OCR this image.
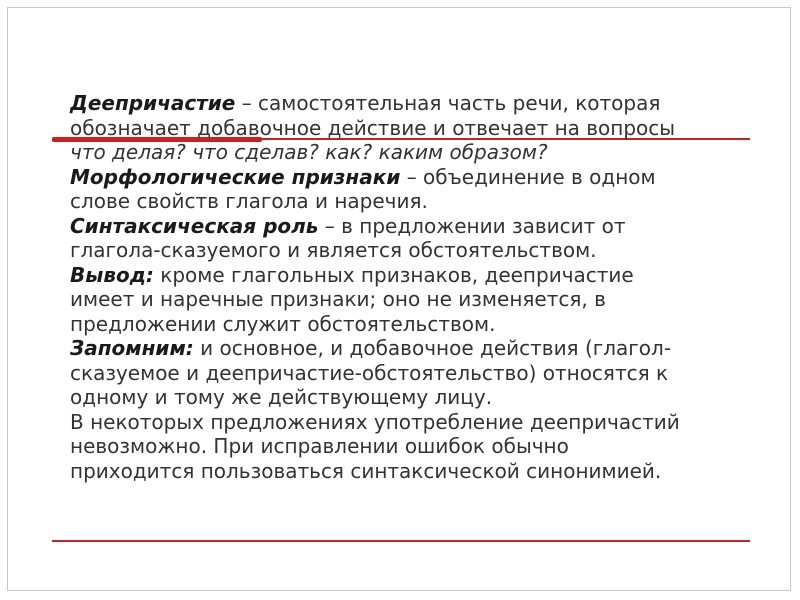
Деепричастие – самостоятельная часть речи, которая
обозначает добавочное действие и отвечает на вопросы
что делая? что сделав? как? каким образом?
Морфологические признаки – объединение в одном
слове свойств глагола и наречия.
Синтаксическая роль – в предложении зависит от
глагола-сказуемого и является обстоятельством.
Вывод: кроме глагольных признаков, деепричастие
имеет и наречные признаки; оно не изменяется, в
предложении служит обстоятельством.
Запомним: и основное, и добавочное действия (глагол-
сказуемое и деепричастие-обстоятельство) относятся к
одному и тому же действующему лицу.
В некоторых предложениях употребление деепричастий
невозможно. При исправлении ошибок обычно
приходится пользоваться синтаксической синонимией.
